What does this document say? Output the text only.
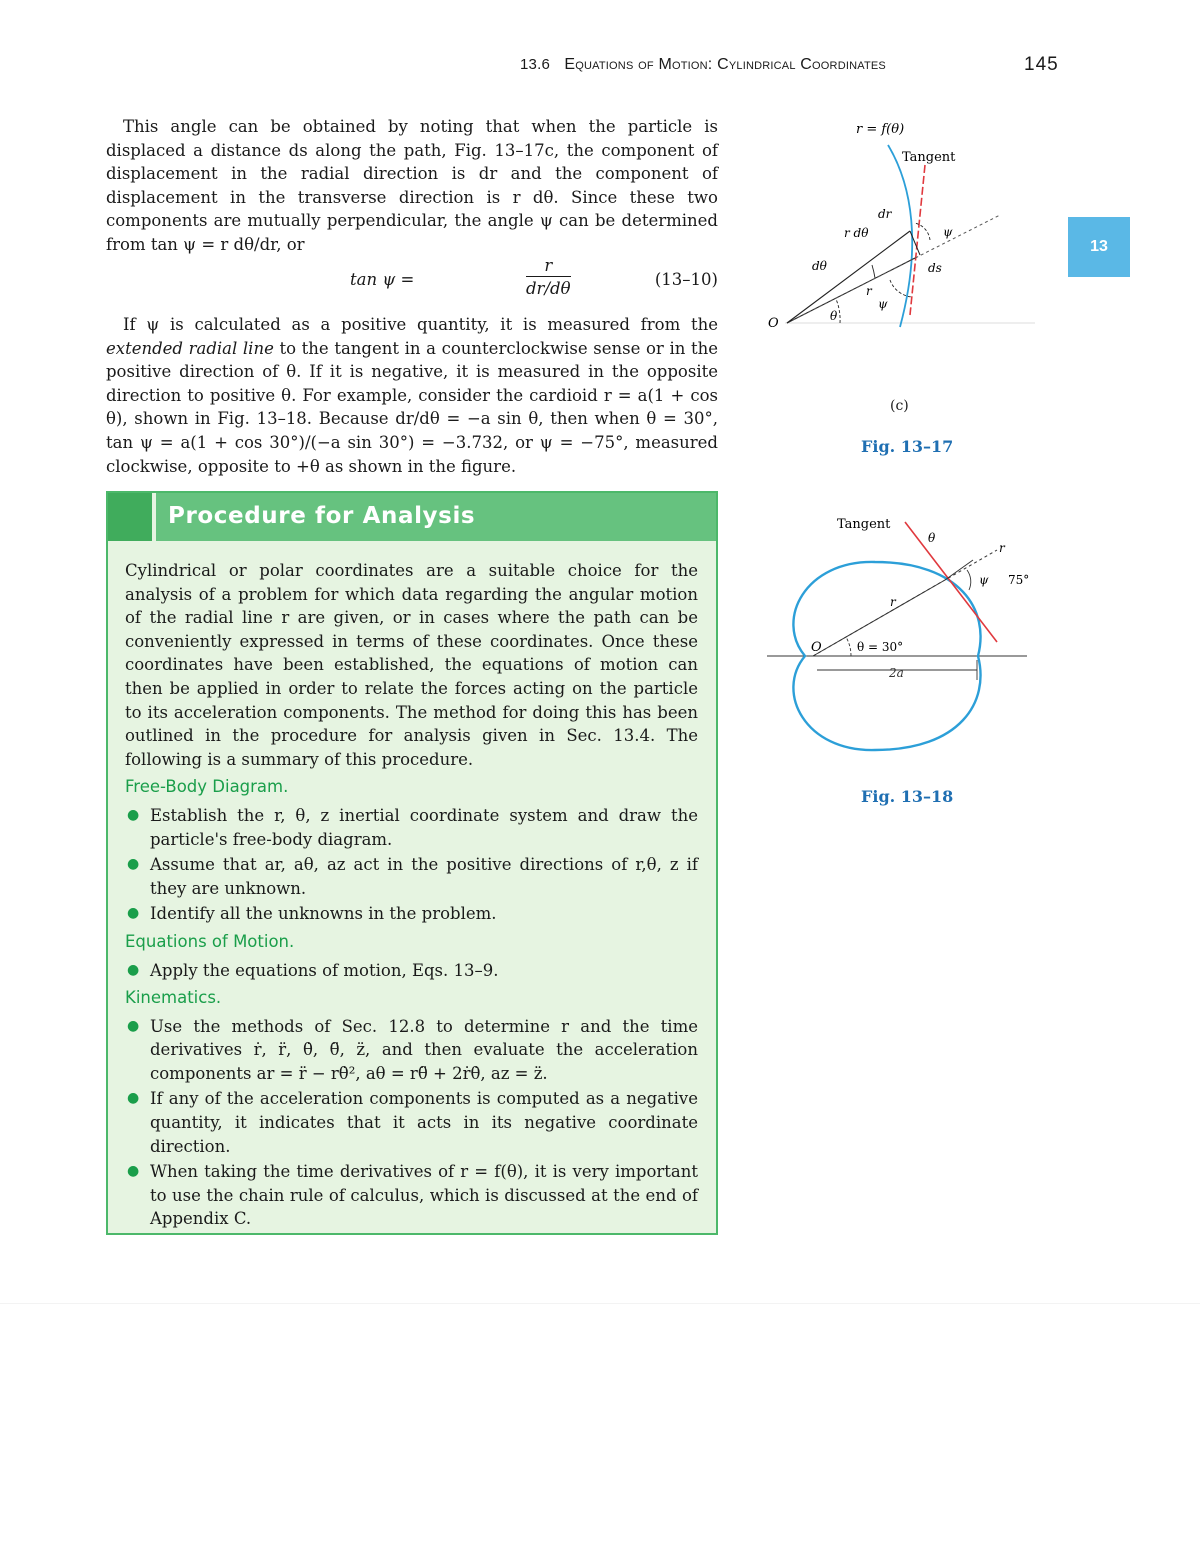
13.6 Equations of Motion: Cylindrical Coordinates	145
13
This angle can be obtained by noting that when the particle is displaced a distance ds along the path, Fig. 13–17c, the component of displacement in the radial direction is dr and the component of displacement in the transverse direction is r dθ. Since these two components are mutually perpendicular, the angle ψ can be determined from tan ψ = r dθ/dr, or
tan ψ =	$\frac{r}{dr/d\theta}$	(13–10)
If ψ is calculated as a positive quantity, it is measured from the extended radial line to the tangent in a counterclockwise sense or in the positive direction of θ. If it is negative, it is measured in the opposite direction to positive θ. For example, consider the cardioid r = a(1 + cos θ), shown in Fig. 13–18. Because dr/dθ = −a sin θ, then when θ = 30°, tan ψ = a(1 + cos 30°)/(−a sin 30°) = −3.732, or ψ = −75°, measured clockwise, opposite to +θ as shown in the figure.
Procedure for Analysis

Cylindrical or polar coordinates are a suitable choice for the analysis of a problem for which data regarding the angular motion of the radial line r are given, or in cases where the path can be conveniently expressed in terms of these coordinates. Once these coordinates have been established, the equations of motion can then be applied in order to relate the forces acting on the particle to its acceleration components. The method for doing this has been outlined in the procedure for analysis given in Sec. 13.4. The following is a summary of this procedure.

Free-Body Diagram.
● Establish the r, θ, z inertial coordinate system and draw the particle's free-body diagram.
● Assume that ar, aθ, az act in the positive directions of r,θ, z if they are unknown.
● Identify all the unknowns in the problem.
Equations of Motion.
● Apply the equations of motion, Eqs. 13–9.
Kinematics.
● Use the methods of Sec. 12.8 to determine r and the time derivatives ṙ, r̈, θ̇, θ̈, z̈, and then evaluate the acceleration components ar = r̈ − rθ̇², aθ = rθ̈ + 2ṙθ̇, az = z̈.
● If any of the acceleration components is computed as a negative quantity, it indicates that it acts in its negative coordinate direction.
● When taking the time derivatives of r = f(θ), it is very important to use the chain rule of calculus, which is discussed at the end of Appendix C.
r = f(θ)
Tangent
dr
r dθ	ψ
ds
dθ
r
ψ
θ
O
(c)
Fig. 13–17
Tangent
θ
r
ψ 75°
r
O	θ = 30°
2a
Fig. 13–18
